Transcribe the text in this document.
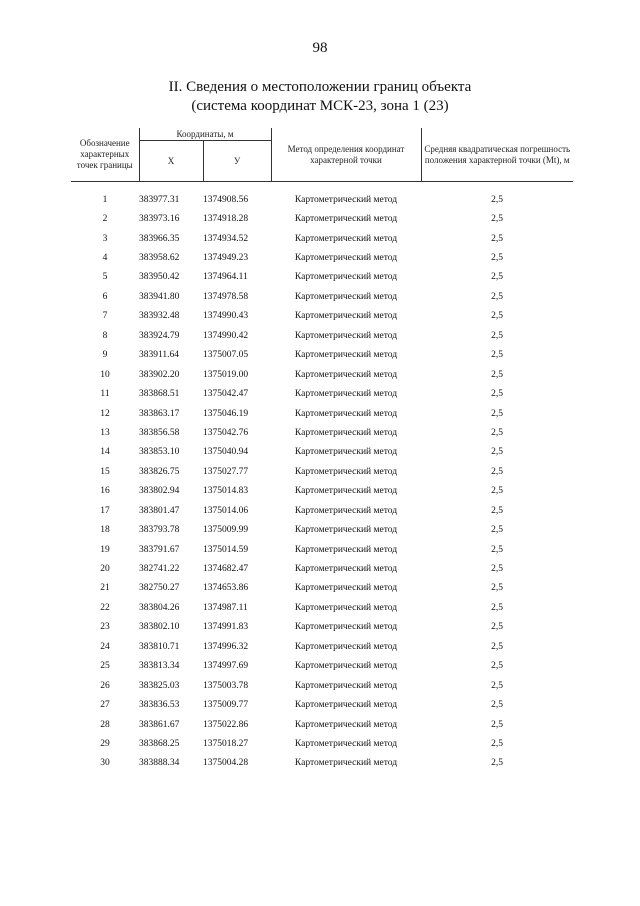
98
II. Сведения о местоположении границ объекта
(система координат МСК-23, зона 1 (23)
Обозначение характерных точек границы	Координаты, м		Метод определения координат характерной точки	Средняя квадратическая погрешность положения характерной точки (Mt), м
	X	У		
1	383977.31	1374908.56	Картометрический метод	2,5
2	383973.16	1374918.28	Картометрический метод	2,5
3	383966.35	1374934.52	Картометрический метод	2,5
4	383958.62	1374949.23	Картометрический метод	2,5
5	383950.42	1374964.11	Картометрический метод	2,5
6	383941.80	1374978.58	Картометрический метод	2,5
7	383932.48	1374990.43	Картометрический метод	2,5
8	383924.79	1374990.42	Картометрический метод	2,5
9	383911.64	1375007.05	Картометрический метод	2,5
10	383902.20	1375019.00	Картометрический метод	2,5
11	383868.51	1375042.47	Картометрический метод	2,5
12	383863.17	1375046.19	Картометрический метод	2,5
13	383856.58	1375042.76	Картометрический метод	2,5
14	383853.10	1375040.94	Картометрический метод	2,5
15	383826.75	1375027.77	Картометрический метод	2,5
16	383802.94	1375014.83	Картометрический метод	2,5
17	383801.47	1375014.06	Картометрический метод	2,5
18	383793.78	1375009.99	Картометрический метод	2,5
19	383791.67	1375014.59	Картометрический метод	2,5
20	382741.22	1374682.47	Картометрический метод	2,5
21	382750.27	1374653.86	Картометрический метод	2,5
22	383804.26	1374987.11	Картометрический метод	2,5
23	383802.10	1374991.83	Картометрический метод	2,5
24	383810.71	1374996.32	Картометрический метод	2,5
25	383813.34	1374997.69	Картометрический метод	2,5
26	383825.03	1375003.78	Картометрический метод	2,5
27	383836.53	1375009.77	Картометрический метод	2,5
28	383861.67	1375022.86	Картометрический метод	2,5
29	383868.25	1375018.27	Картометрический метод	2,5
30	383888.34	1375004.28	Картометрический метод	2,5
